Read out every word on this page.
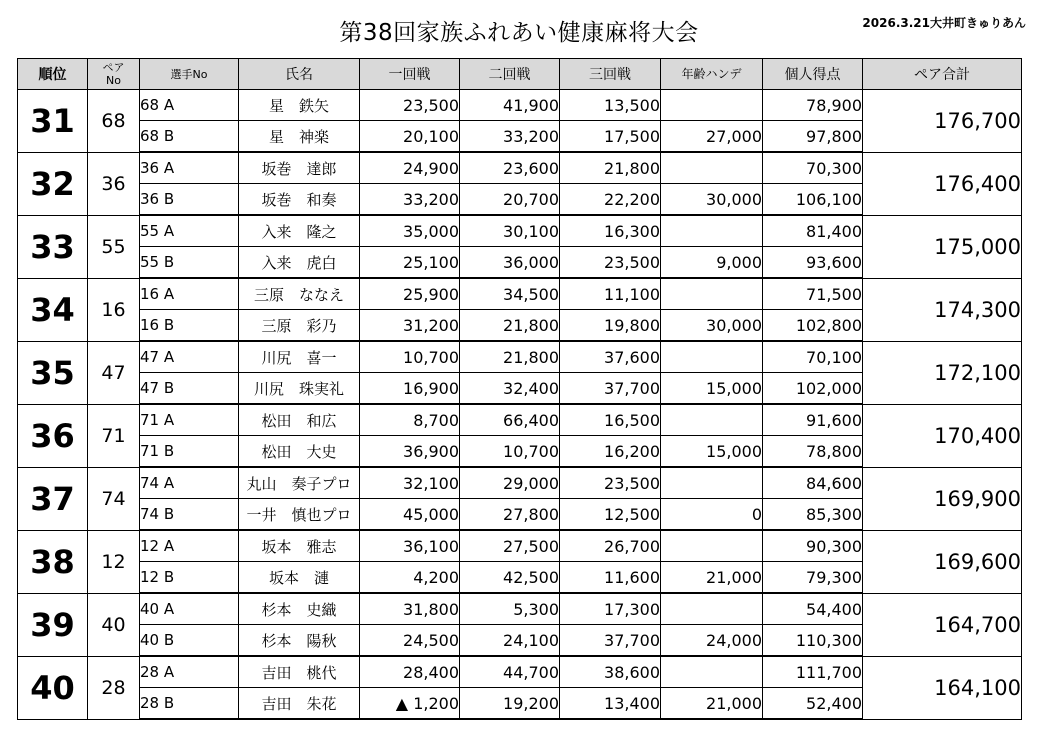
第38回家族ふれあい健康麻将大会	2026.3.21大井町きゅりあん
順位	ペア
No	選手No	氏名	一回戦	二回戦	三回戦	年齢ハンデ	個人得点	ペア合計
31	68	68 A	星　鉄矢	23,500	41,900	13,500		78,900	176,700
		68 B	星　神楽	20,100	33,200	17,500	27,000	97,800	
32	36	36 A	坂巻　達郎	24,900	23,600	21,800		70,300	176,400
		36 B	坂巻　和奏	33,200	20,700	22,200	30,000	106,100	
33	55	55 A	入来　隆之	35,000	30,100	16,300		81,400	175,000
		55 B	入来　虎白	25,100	36,000	23,500	9,000	93,600	
34	16	16 A	三原　ななえ	25,900	34,500	11,100		71,500	174,300
		16 B	三原　彩乃	31,200	21,800	19,800	30,000	102,800	
35	47	47 A	川尻　喜一	10,700	21,800	37,600		70,100	172,100
		47 B	川尻　珠実礼	16,900	32,400	37,700	15,000	102,000	
36	71	71 A	松田　和広	8,700	66,400	16,500		91,600	170,400
		71 B	松田　大史	36,900	10,700	16,200	15,000	78,800	
37	74	74 A	丸山　奏子プロ	32,100	29,000	23,500		84,600	169,900
		74 B	一井　慎也プロ	45,000	27,800	12,500	0	85,300	
38	12	12 A	坂本　雅志	36,100	27,500	26,700		90,300	169,600
		12 B	坂本　漣	4,200	42,500	11,600	21,000	79,300	
39	40	40 A	杉本　史織	31,800	5,300	17,300		54,400	164,700
		40 B	杉本　陽秋	24,500	24,100	37,700	24,000	110,300	
40	28	28 A	吉田　桃代	28,400	44,700	38,600		111,700	164,100
		28 B	吉田　朱花	▲ 1,200	19,200	13,400	21,000	52,400	
